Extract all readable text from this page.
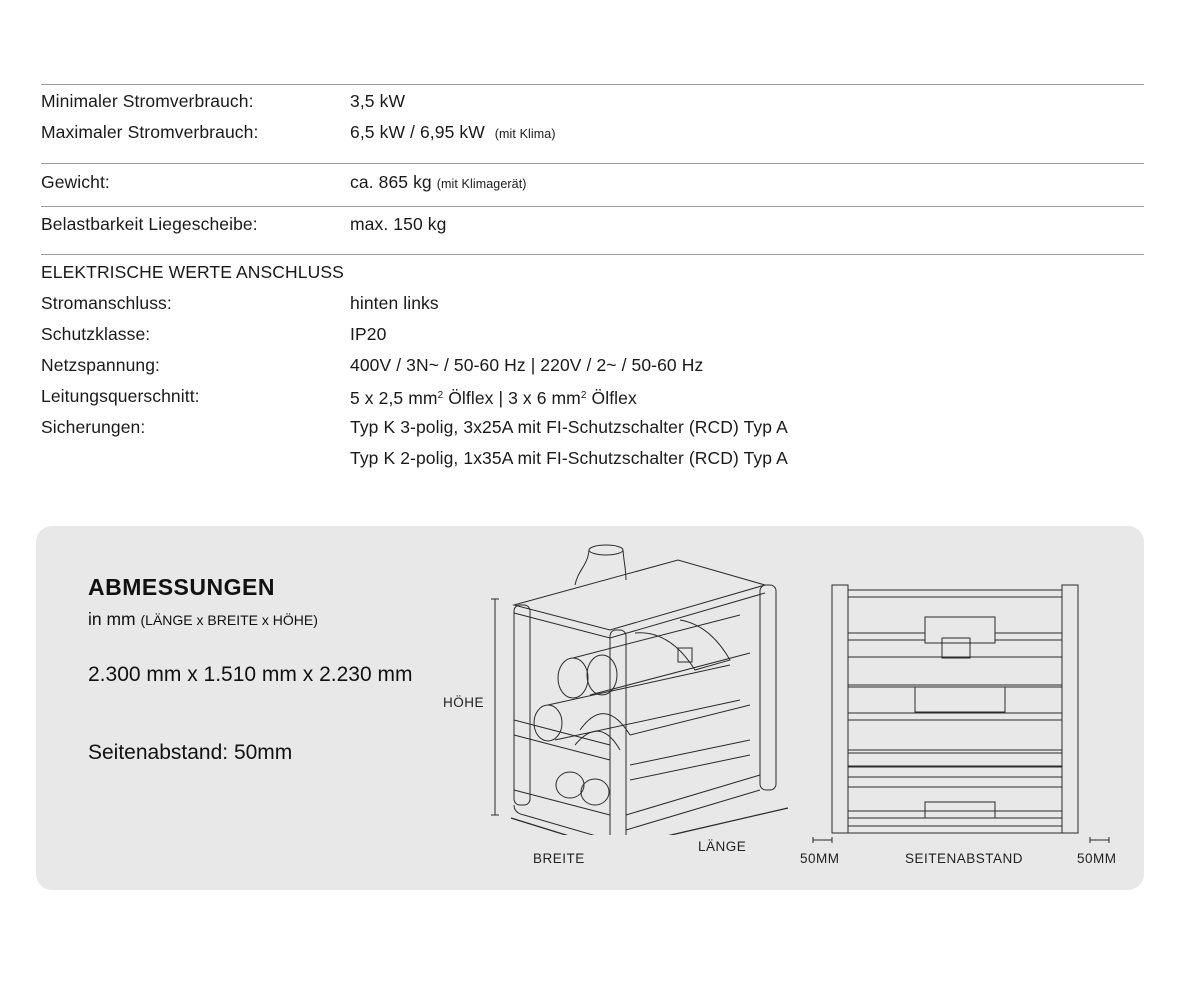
Minimaler Stromverbrauch:	3,5 kW
Maximaler Stromverbrauch:	6,5 kW / 6,95 kW (mit Klima)
Gewicht:	ca. 865 kg (mit Klimagerät)
Belastbarkeit Liegescheibe:	max. 150 kg
ELEKTRISCHE WERTE ANSCHLUSS
Stromanschluss:	hinten links
Schutzklasse:	IP20
Netzspannung:	400V / 3N~ / 50-60 Hz | 220V / 2~ / 50-60 Hz
Leitungsquerschnitt:	5 x 2,5 $mm^2$ Ölflex | 3 x 6 $mm^2$ Ölflex
Sicherungen:	Typ K 3-polig, 3x25A mit FI-Schutzschalter (RCD) Typ A
Typ K 2-polig, 1x35A mit FI-Schutzschalter (RCD) Typ A
ABMESSUNGEN
in mm (LÄNGE x BREITE x HÖHE)
2.300 mm x 1.510 mm x 2.230 mm
Seitenabstand: 50mm
HÖHE
BREITE
LÄNGE
50MM	SEITENABSTAND	50MM
